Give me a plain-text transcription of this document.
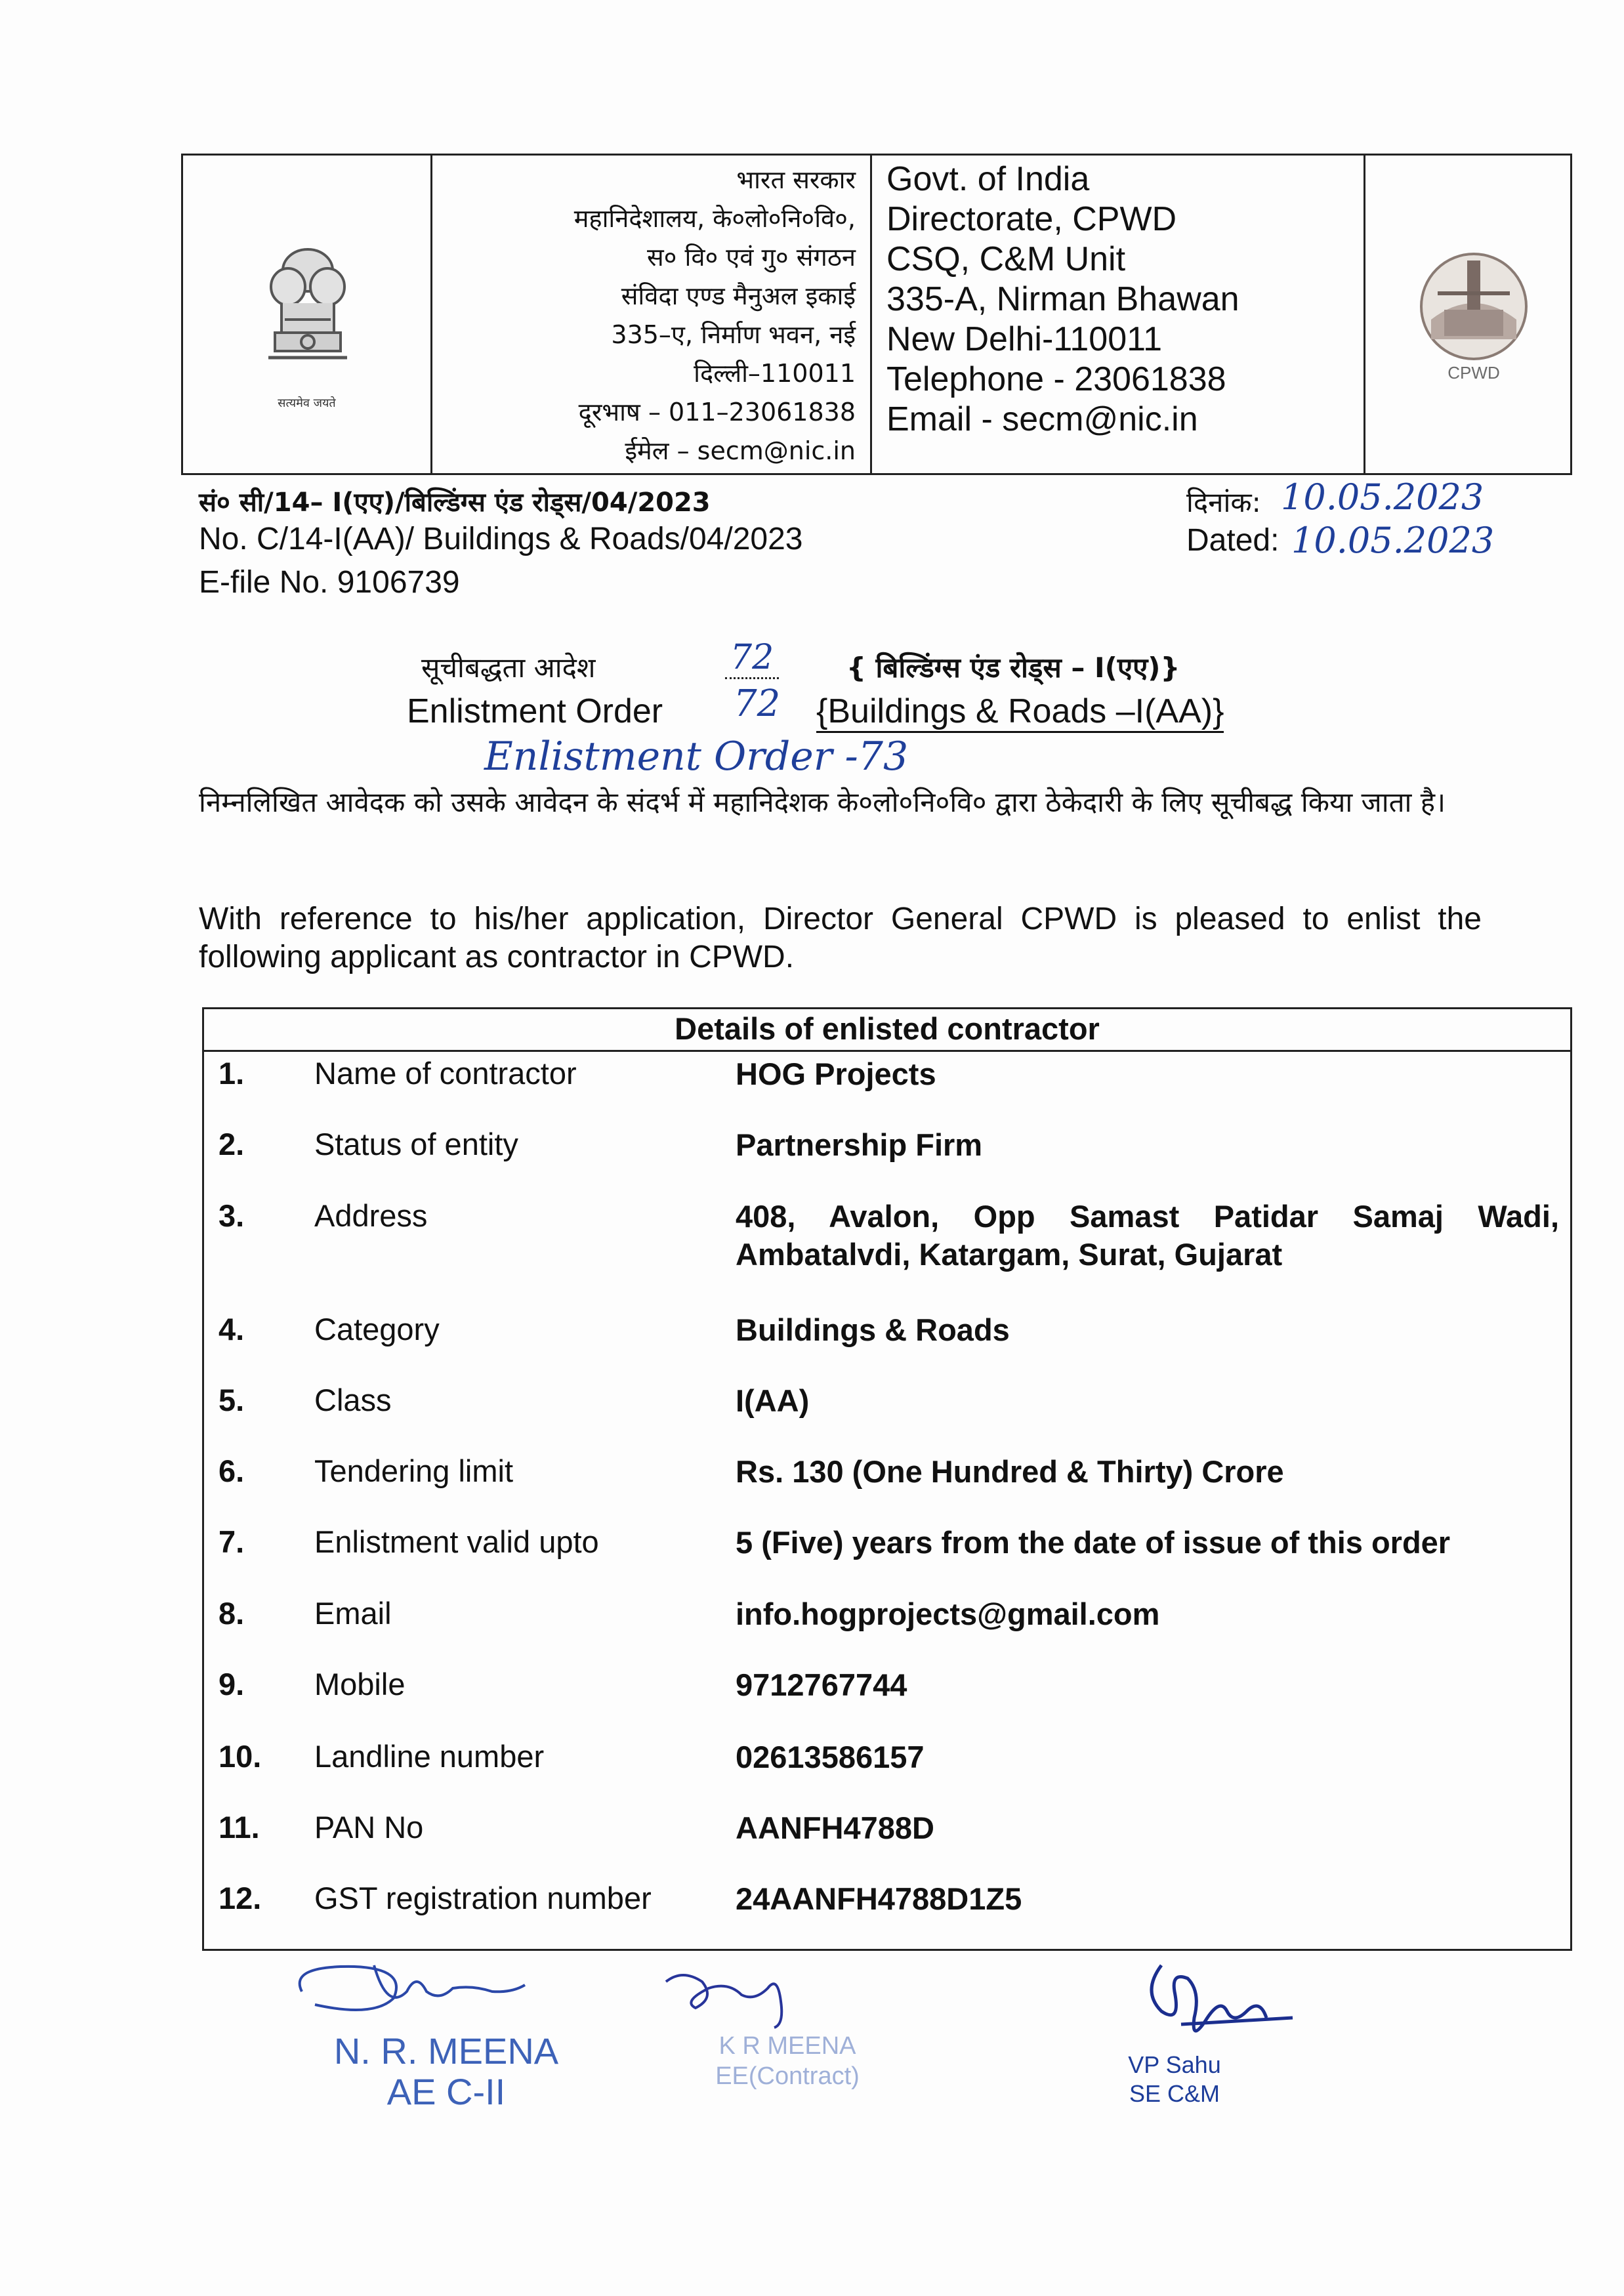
सत्यमेव जयते
भारत सरकार
महानिदेशालय, के०लो०नि०वि०,
स० वि० एवं गु० संगठन
संविदा एण्ड मैनुअल इकाई
335–ए, निर्माण भवन, नई
दिल्ली–110011
दूरभाष – 011–23061838
ईमेल – secm@nic.in
Govt. of India
Directorate, CPWD
CSQ, C&M Unit
335-A, Nirman Bhawan
New Delhi-110011
Telephone - 23061838
Email - secm@nic.in
CPWD
सं० सी/14– I(एए)/बिल्डिंग्स एंड रोड्स/04/2023
No. C/14-I(AA)/ Buildings & Roads/04/2023
E-file No. 9106739
दिनांक: 10.05.2023
Dated: 10.05.2023
सूचीबद्धता आदेश	72	{ बिल्डिंग्स एंड रोड्स – I(एए)}
Enlistment Order 72 {Buildings & Roads –I(AA)}
Enlistment Order -73
निम्नलिखित आवेदक को उसके आवेदन के संदर्भ में महानिदेशक के०लो०नि०वि० द्वारा ठेकेदारी के लिए सूचीबद्ध किया जाता है।
With reference to his/her application, Director General CPWD is pleased to enlist the following applicant as contractor in CPWD.
Details of enlisted contractor
1. Name of contractor	HOG Projects
2. Status of entity	Partnership Firm
3. Address	408, Avalon, Opp Samast Patidar Samaj Wadi, Ambatalvdi, Katargam, Surat, Gujarat
4. Category	Buildings & Roads
5. Class	I(AA)
6. Tendering limit	Rs. 130 (One Hundred & Thirty) Crore
7. Enlistment valid upto	5 (Five) years from the date of issue of this order
8. Email	info.hogprojects@gmail.com
9. Mobile	9712767744
10. Landline number	02613586157
11. PAN No	AANFH4788D
12. GST registration number	24AANFH4788D1Z5
N. R. MEENA
AE C-II
K R MEENA
EE(Contract)	VP Sahu
SE C&M
